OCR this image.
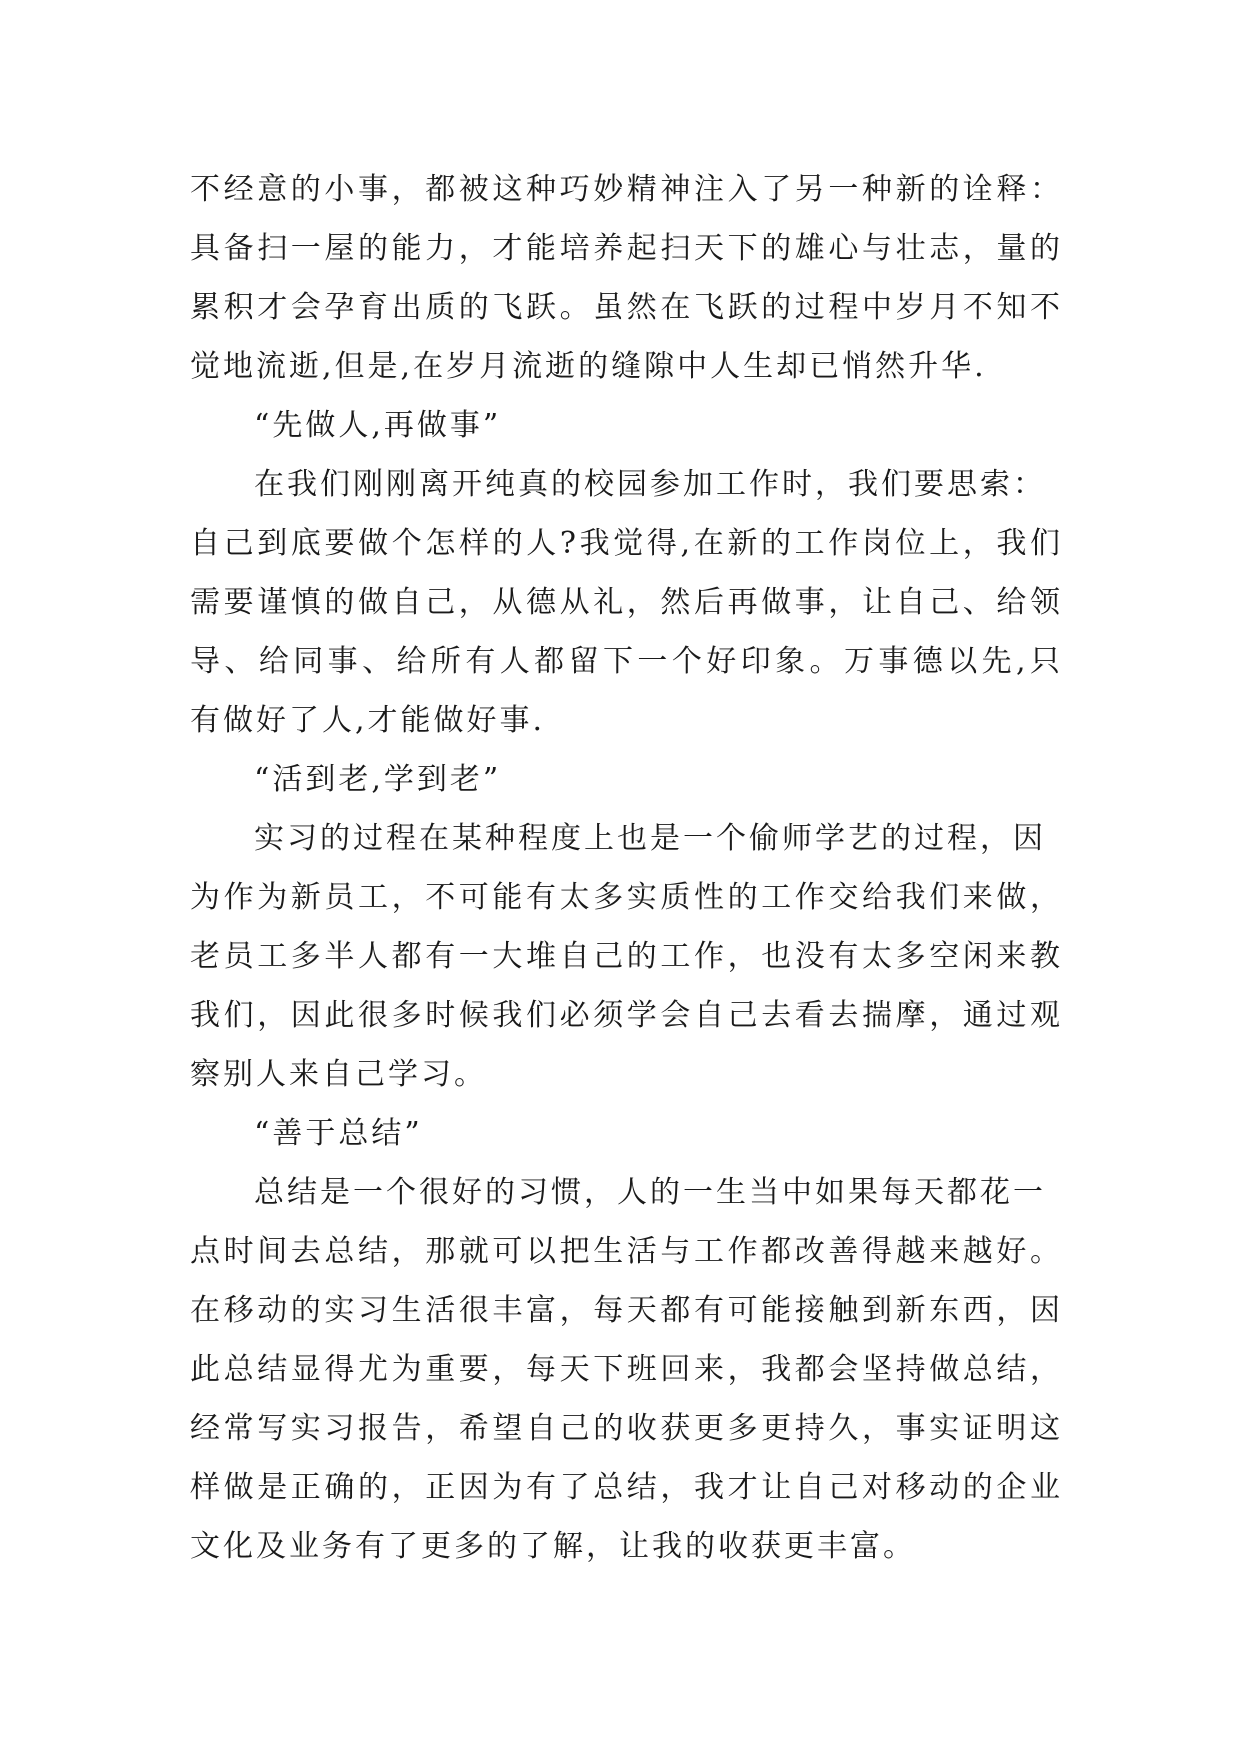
不经意的小事，都被这种巧妙精神注入了另一种新的诠释：
具备扫一屋的能力，才能培养起扫天下的雄心与壮志，量的
累积才会孕育出质的飞跃。虽然在飞跃的过程中岁月不知不
觉地流逝,但是,在岁月流逝的缝隙中人生却已悄然升华.
“先做人,再做事”
在我们刚刚离开纯真的校园参加工作时，我们要思索：
自己到底要做个怎样的人?我觉得,在新的工作岗位上，我们
需要谨慎的做自己，从德从礼，然后再做事，让自己、给领
导、给同事、给所有人都留下一个好印象。万事德以先,只
有做好了人,才能做好事.
“活到老,学到老”
实习的过程在某种程度上也是一个偷师学艺的过程，因
为作为新员工，不可能有太多实质性的工作交给我们来做，
老员工多半人都有一大堆自己的工作，也没有太多空闲来教
我们，因此很多时候我们必须学会自己去看去揣摩，通过观
察别人来自己学习。
“善于总结”
总结是一个很好的习惯，人的一生当中如果每天都花一
点时间去总结，那就可以把生活与工作都改善得越来越好。
在移动的实习生活很丰富，每天都有可能接触到新东西，因
此总结显得尤为重要，每天下班回来，我都会坚持做总结，
经常写实习报告，希望自己的收获更多更持久，事实证明这
样做是正确的，正因为有了总结，我才让自己对移动的企业
文化及业务有了更多的了解，让我的收获更丰富。
